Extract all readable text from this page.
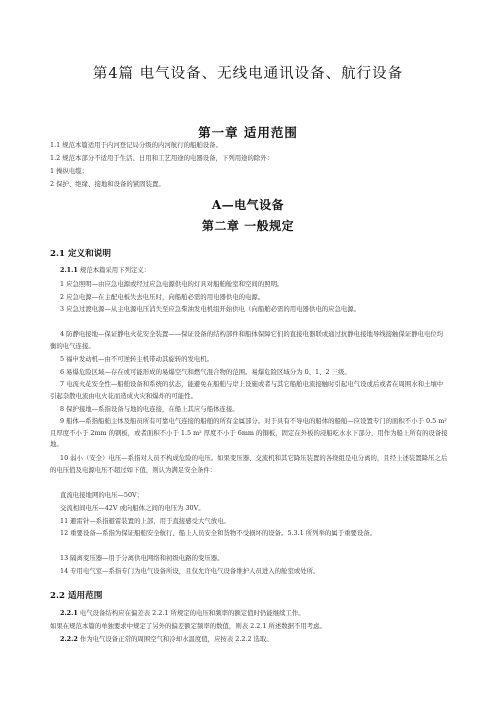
第4篇 电气设备、无线电通讯设备、航行设备
第一章 适用范围
1.1 规范本篇适用于内河登记局分级的内河航行的船舶设备。
1.2 规范本部分不适用于生活、日用和工艺用途的电器设备，下列用途的除外：
1 操纵电缆；
2 保护、绝缘、接地和设备的紧固装置。
A—电气设备
第二章 一般规定
2.1 定义和说明
2.1.1 规范本篇采用下列定义：
1 应急照明—由应急电源或经过应急电源供电的灯具对船舶舱室和空间的照明。
2 应急电源—在主配电板失去电压时，向船舶必需的用电器供电的电源。
3 应急过渡电源—从主电源电压消失至应急柴油发电机组开始供电（向船舶必需的用电器供电的应急电源。
4 防静电接地—保证静电火花安全装置——保证设备的结构部件和船体保障它们的直接电器联或通过抗静电接地导线接触保证静电电位均衡的电气连接。
5 福申发动机—由不可逆转主机带动其旋转的发电机。
6 易爆危险区域—存在或可能形成的易爆空气和燃气混合物的范围。易爆危险区域分为 0、1、2 三级。
7 电流火花安全性—船舶设备和系统的状态，能避免在船舶与岸上设施或者与其它船舶电流接触时引起电气设或后或者在周围水和土壤中引起杂散电流由电火花而造成火灾和爆炸的可能性。
8 保护接地—系指设备与地的电连接，在船上其应与船体连接。
9 船体—系指船舶主体及船员所有可靠电气连接的船舶的所有金属部分。对于具有不导电的船体的船舶—应设置专门的面积不小于 0.5 m² 且厚度不小于 2mm 的钢板，或者面积不小于 1.5 m² 厚度不小于 6mm 的铜板，固定在外板的浸船吃水水下部分，用作为船上所有的设备接地。
10 弱小（安全）电压—系指对人员不构成危险的电压。如果变压器、交流机和其它降压装置的各绕组是电分离的，且经上述装置降压之后的电压值及电源电压不超过如下值，则认为满足安全条件：
直流电接地网的电压—50V；
交流相间电压—42V 或向船体之间的电压为 30V。
11 避雷针—系指避雷装置的上部，用于直接感受大气放电。
12 重要设备—系指为保证船舶安全航行、船上人员安全和货物不受损坏的设备。5.3.1 所列举的属于重要设备。
13 隔离变压器—用于分离供电网络和初级电路的变压器。
14 专用电气室—系指专门为电气设备所设，且仅允许电气设备维护人员进入的舱室或处所。
2.2 适用范围
2.2.1 电气设备结构应在偏差表 2.2.1 所规定的电压和频率的额定值时仍能继续工作。
如果在规范本篇的单独要求中规定了另外的偏差额定频率的数值，则表 2.2.1 所述数据不用考虑。
2.2.2 作为电气设备正常的周围空气和冷却水温度值，应按表 2.2.2 选取。
